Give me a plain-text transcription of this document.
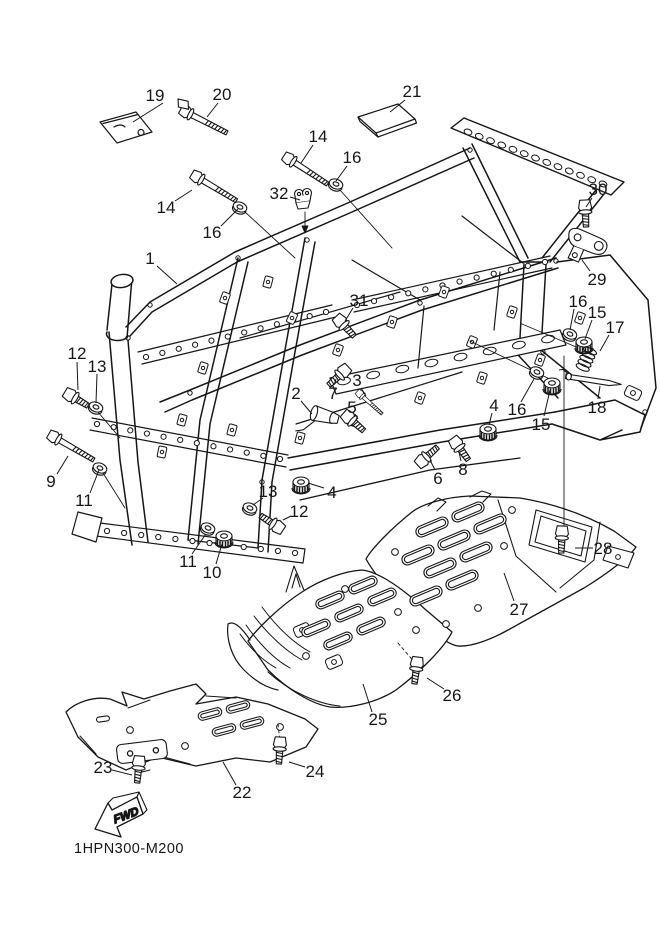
19	20	21
14
16
32	30
14
16
1
29
31	16
15
17
12
13
2
3
7
5	4 16
15
18
9
11
8
6
13	4
12
11
10
28
27
26
25
23	24
22
FWD
1HPN300-M200
